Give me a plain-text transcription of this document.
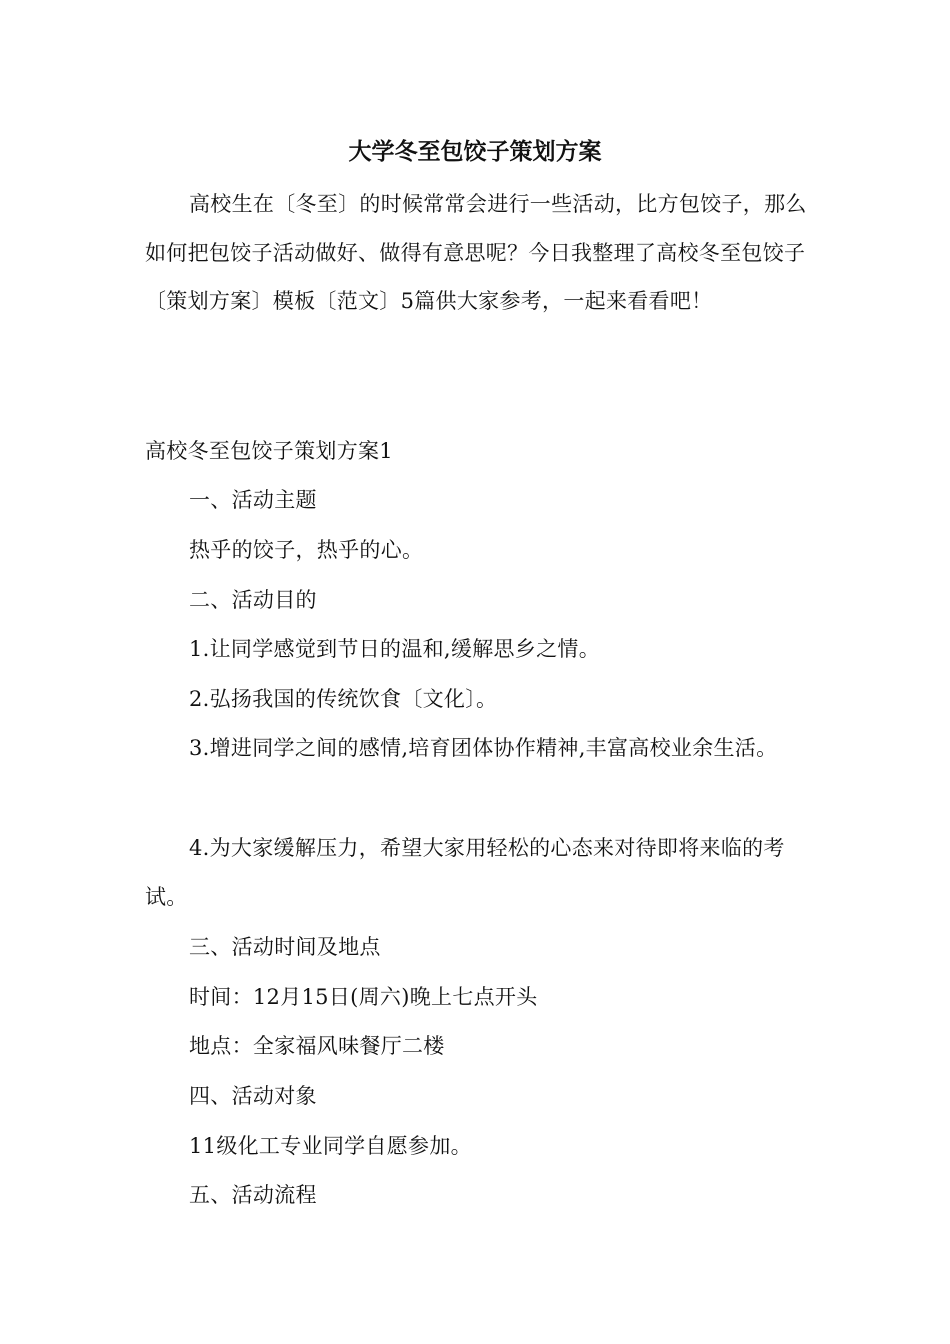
大学冬至包饺子策划方案
高校生在〔冬至〕的时候常常会进行一些活动，比方包饺子，那么如何把包饺子活动做好、做得有意思呢？今日我整理了高校冬至包饺子〔策划方案〕模板〔范文〕5篇供大家参考，一起来看看吧！
高校冬至包饺子策划方案1
一、活动主题
热乎的饺子，热乎的心。
二、活动目的
1.让同学感觉到节日的温和,缓解思乡之情。
2.弘扬我国的传统饮食〔文化〕。
3.增进同学之间的感情,培育团体协作精神,丰富高校业余生活。
4.为大家缓解压力，希望大家用轻松的心态来对待即将来临的考试。
三、活动时间及地点
时间：12月15日(周六)晚上七点开头
地点：全家福风味餐厅二楼
四、活动对象
11级化工专业同学自愿参加。
五、活动流程
